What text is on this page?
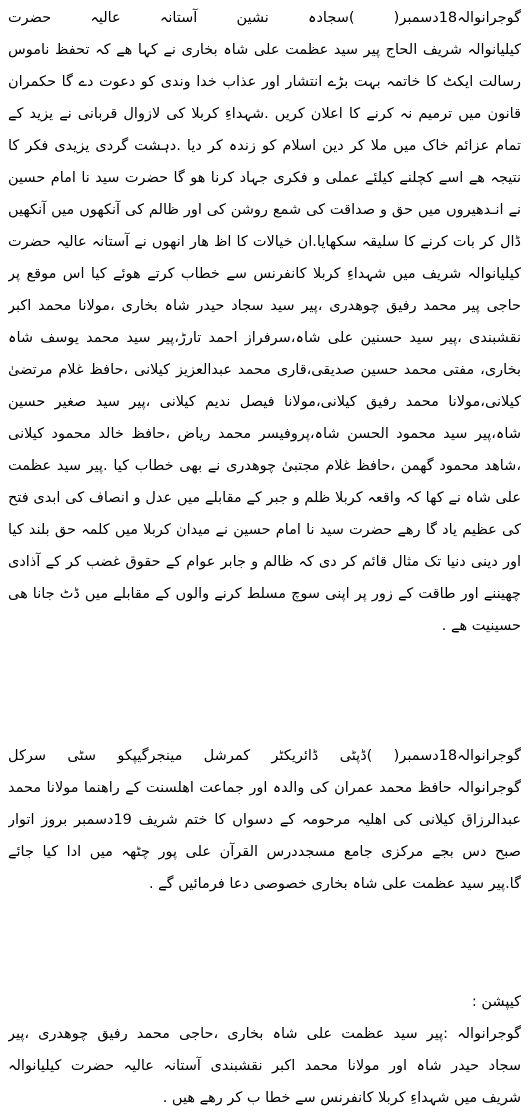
گوجرانوالہ18دسمبر( )سجادہ نشین آستانہ عالیہ حضرت
کیلیانوالہ شریف الحاج پیر سید عظمت علی شاہ بخاری نے کہا ھے کہ تحفظ ناموس
رسالت ایکٹ کا خاتمہ بہت بڑے انتشار اور عذاب خدا وندی کو دعوت دے گا حکمران
قانون میں ترمیم نہ کرنے کا اعلان کریں .شہداءِ کربلا کی لازوال قربانی نے یزید کے
تمام عزائم خاک میں ملا کر دین اسلام کو زندہ کر دیا .دہشت گردی یزیدی فکر کا
نتیجہ ھے اسے کچلنے کیلئے عملی و فکری جہاد کرنا ھو گا حضرت سید نا امام حسین
نے انـدھیروں میں حق و صداقت کی شمع روشن کی اور ظالم کی آنکھوں میں آنکھیں
ڈال کر بات کرنے کا سلیقہ سکھایا.ان خیالات کا اظ ھار انھوں نے آستانہ عالیہ حضرت
کیلیانوالہ شریف میں شہداءِ کربلا کانفرنس سے خطاب کرتے ھوئے کیا اس موقع پر
حاجی پیر محمد رفیق چوھدری ،پیر سید سجاد حیدر شاہ بخاری ،مولانا محمد اکبر
نقشبندی ،پیر سید حسنین علی شاہ،سرفراز احمد تارڑ،پیر سید محمد یوسف شاہ
بخاری، مفتی محمد حسین صدیقی،قاری محمد عبدالعزیز کیلانی ،حافظ غلام مرتضیٰ
کیلانی،مولانا محمد رفیق کیلانی،مولانا فیصل ندیم کیلانی ،پیر سید صغیر حسین
شاہ،پیر سید محمود الحسن شاہ،پروفیسر محمد ریاض ،حافظ خالد محمود کیلانی
،شاھد محمود گھمن ،حافظ غلام مجتبیٰ چوھدری نے بھی خطاب کیا .پیر سید عظمت
علی شاہ نے کھا کہ واقعہ کربلا ظلم و جبر کے مقابلے میں عدل و انصاف کی ابدی فتح
کی عظیم یاد گا رھے حضرت سید نا امام حسین نے میدان کربلا میں کلمہ حق بلند کیا
اور دینی دنیا تک مثال قائم کر دی کہ ظالم و جابر عوام کے حقوق غضب کر کے آذادی
چھیننے اور طاقت کے زور پر اپنی سوچ مسلط کرنے والوں کے مقابلے میں ڈٹ جانا ھی
حسینیت ھے .
گوجرانوالہ18دسمبر( )ڈپٹی ڈائریکٹر کمرشل مینجرگیپکو سٹی سرکل
گوجرانوالہ حافظ محمد عمران کی والدہ اور جماعت اھلسنت کے راھنما مولانا محمد
عبدالرزاق کیلانی کی اھلیہ مرحومہ کے دسواں کا ختم شریف 19دسمبر بروز اتوار
صبح دس بجے مرکزی جامع مسجددرس القرآن علی پور چٹھہ میں ادا کیا جائے
گا.پیر سید عظمت علی شاہ بخاری خصوصی دعا فرمائیں گے .
کیپشن :
گوجرانوالہ :پیر سید عظمت علی شاہ بخاری ،حاجی محمد رفیق چوھدری ،پیر
سجاد حیدر شاہ اور مولانا محمد اکبر نقشبندی آستانہ عالیہ حضرت کیلیانوالہ
شریف میں شہداءِ کربلا کانفرنس سے خطا ب کر رھے ھیں .
